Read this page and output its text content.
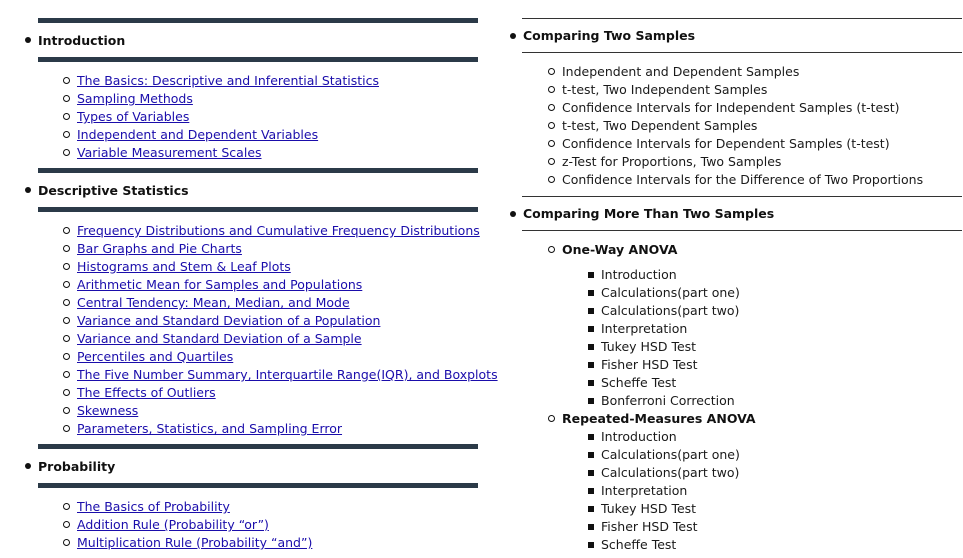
Introduction
The Basics: Descriptive and Inferential Statistics
Sampling Methods
Types of Variables
Independent and Dependent Variables
Variable Measurement Scales
Descriptive Statistics
Frequency Distributions and Cumulative Frequency Distributions
Bar Graphs and Pie Charts
Histograms and Stem & Leaf Plots
Arithmetic Mean for Samples and Populations
Central Tendency: Mean, Median, and Mode
Variance and Standard Deviation of a Population
Variance and Standard Deviation of a Sample
Percentiles and Quartiles
The Five Number Summary, Interquartile Range(IQR), and Boxplots
The Effects of Outliers
Skewness
Parameters, Statistics, and Sampling Error
Probability
The Basics of Probability
Addition Rule (Probability “or”)
Multiplication Rule (Probability “and”)
Comparing Two Samples
Independent and Dependent Samples
t-test, Two Independent Samples
Confidence Intervals for Independent Samples (t-test)
t-test, Two Dependent Samples
Confidence Intervals for Dependent Samples (t-test)
z-Test for Proportions, Two Samples
Confidence Intervals for the Difference of Two Proportions
Comparing More Than Two Samples
One-Way ANOVA
Introduction
Calculations(part one)
Calculations(part two)
Interpretation
Tukey HSD Test
Fisher HSD Test
Scheffe Test
Bonferroni Correction
Repeated-Measures ANOVA
Introduction
Calculations(part one)
Calculations(part two)
Interpretation
Tukey HSD Test
Fisher HSD Test
Scheffe Test
